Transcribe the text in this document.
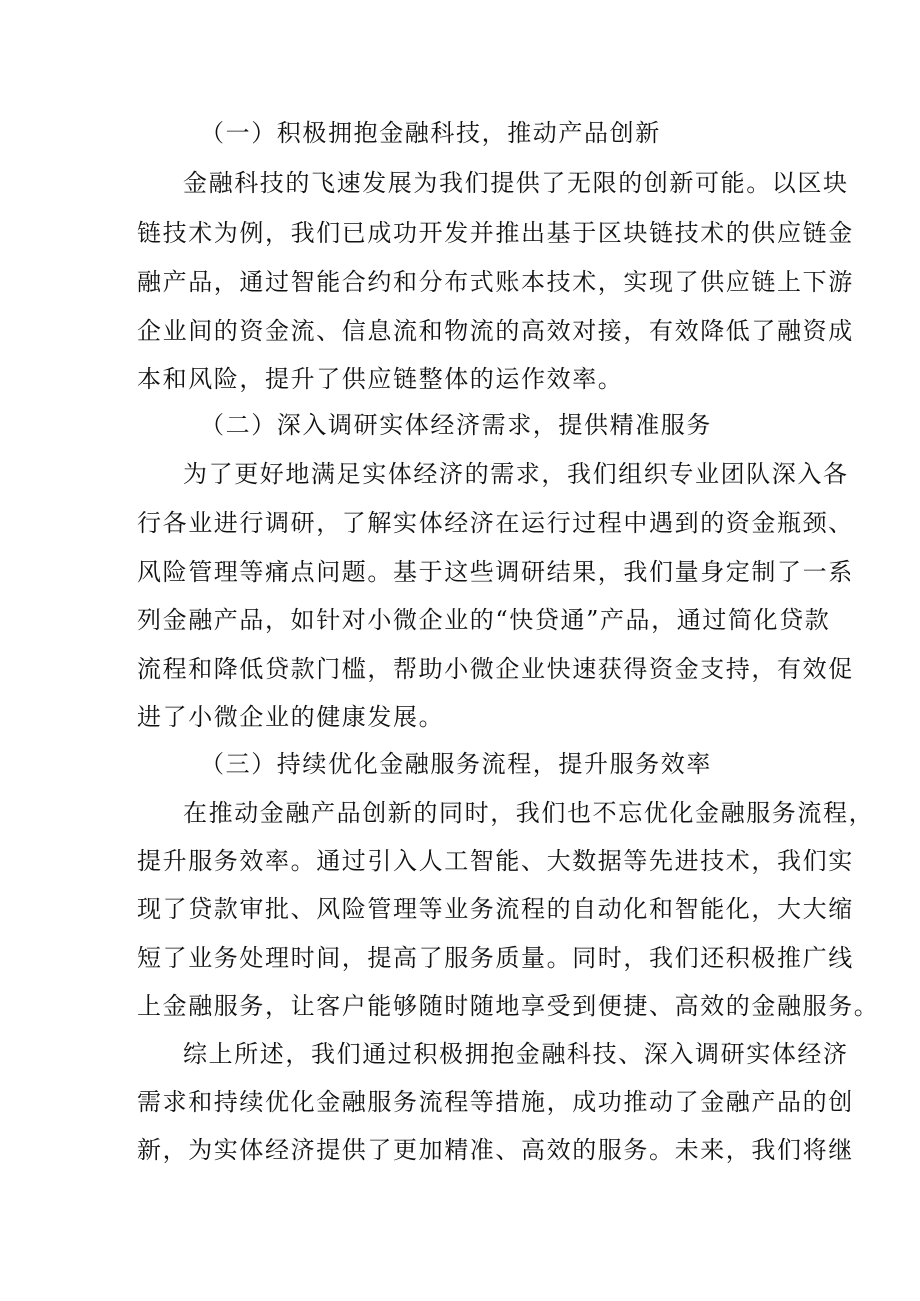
（一）积极拥抱金融科技，推动产品创新
金融科技的飞速发展为我们提供了无限的创新可能。以区块
链技术为例，我们已成功开发并推出基于区块链技术的供应链金
融产品，通过智能合约和分布式账本技术，实现了供应链上下游
企业间的资金流、信息流和物流的高效对接，有效降低了融资成
本和风险，提升了供应链整体的运作效率。
（二）深入调研实体经济需求，提供精准服务
为了更好地满足实体经济的需求，我们组织专业团队深入各
行各业进行调研，了解实体经济在运行过程中遇到的资金瓶颈、
风险管理等痛点问题。基于这些调研结果，我们量身定制了一系
列金融产品，如针对小微企业的“快贷通”产品，通过简化贷款
流程和降低贷款门槛，帮助小微企业快速获得资金支持，有效促
进了小微企业的健康发展。
（三）持续优化金融服务流程，提升服务效率
在推动金融产品创新的同时，我们也不忘优化金融服务流程，
提升服务效率。通过引入人工智能、大数据等先进技术，我们实
现了贷款审批、风险管理等业务流程的自动化和智能化，大大缩
短了业务处理时间，提高了服务质量。同时，我们还积极推广线
上金融服务，让客户能够随时随地享受到便捷、高效的金融服务。
综上所述，我们通过积极拥抱金融科技、深入调研实体经济
需求和持续优化金融服务流程等措施，成功推动了金融产品的创
新，为实体经济提供了更加精准、高效的服务。未来，我们将继
